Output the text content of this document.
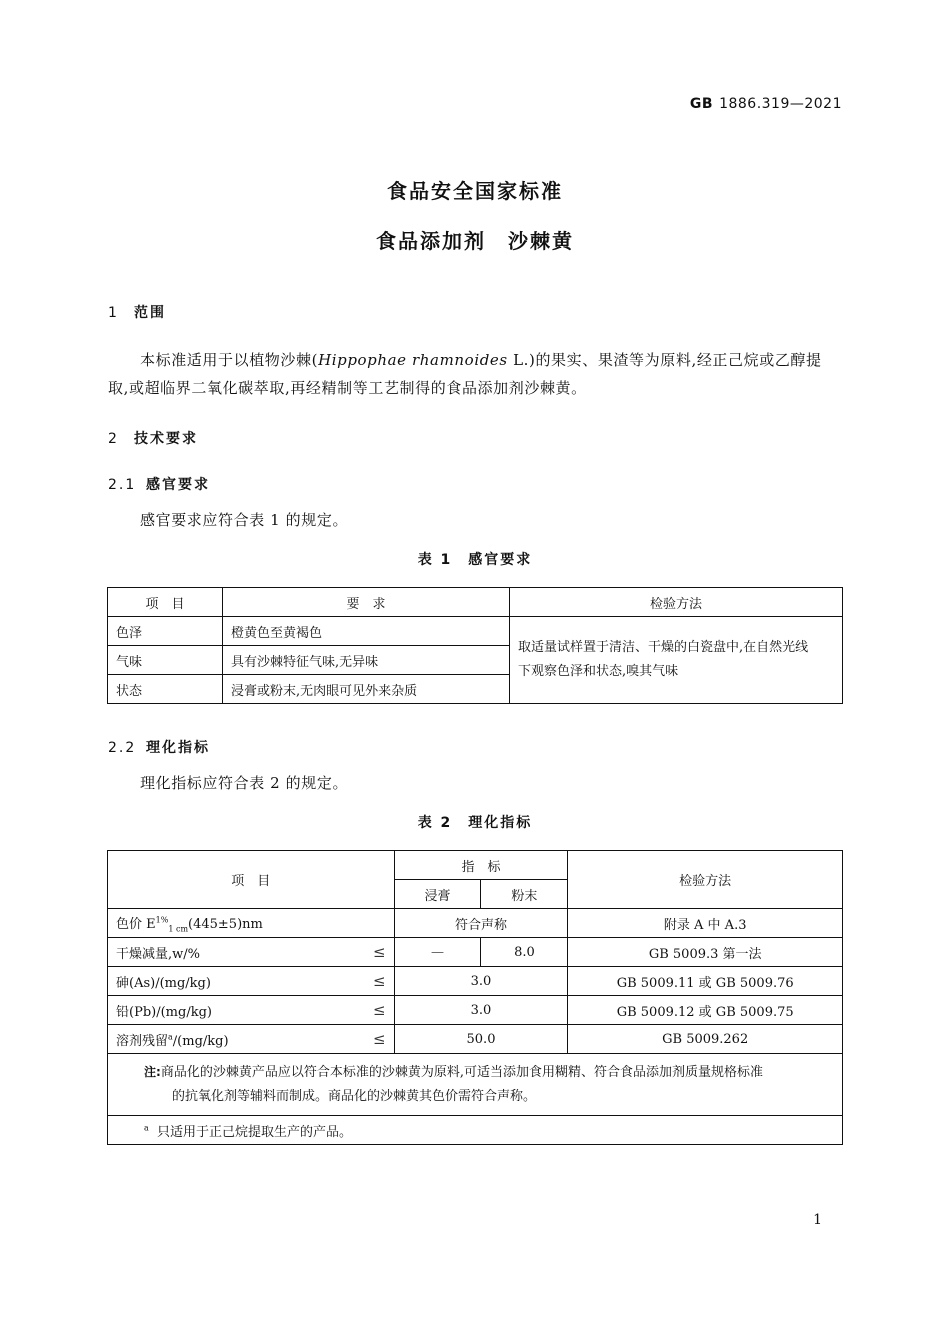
GB 1886.319—2021
食品安全国家标准
食品添加剂　沙棘黄
1 范围
本标准适用于以植物沙棘(Hippophae rhamnoides L.)的果实、果渣等为原料,经正己烷或乙醇提
取,或超临界二氧化碳萃取,再经精制等工艺制得的食品添加剂沙棘黄。
2 技术要求
2.1 感官要求
感官要求应符合表 1 的规定。
表 1　感官要求
项　目	要　求	检验方法
色泽	橙黄色至黄褐色	取适量试样置于清洁、干燥的白瓷盘中,在自然光线
下观察色泽和状态,嗅其气味

气味	具有沙棘特征气味,无异味	
状态	浸膏或粉末,无肉眼可见外来杂质	
2.2 理化指标
理化指标应符合表 2 的规定。
表 2　理化指标
项　目	指　标		检验方法
	浸膏	粉末	
色价 $E^{1\%}_{1 cm}(445\pm 5)nm$	符合声称		附录 A 中 A.3
干燥减量,w/% ≤	—	8.0	GB 5009.3 第一法
砷(As)/(mg/kg) ≤	3.0		GB 5009.11 或 GB 5009.76
铅(Pb)/(mg/kg) ≤	3.0		GB 5009.12 或 GB 5009.75
溶剂残留$^a$/(mg/kg) ≤	50.0		GB 5009.262

注:商品化的沙棘黄产品应以符合本标准的沙棘黄为原料,可适当添加食用糊精、符合食品添加剂质量规格标准
的抗氧化剂等辅料而制成。商品化的沙棘黄其色价需符合声称。			

$^a$ 只适用于正己烷提取生产的产品。			
1
